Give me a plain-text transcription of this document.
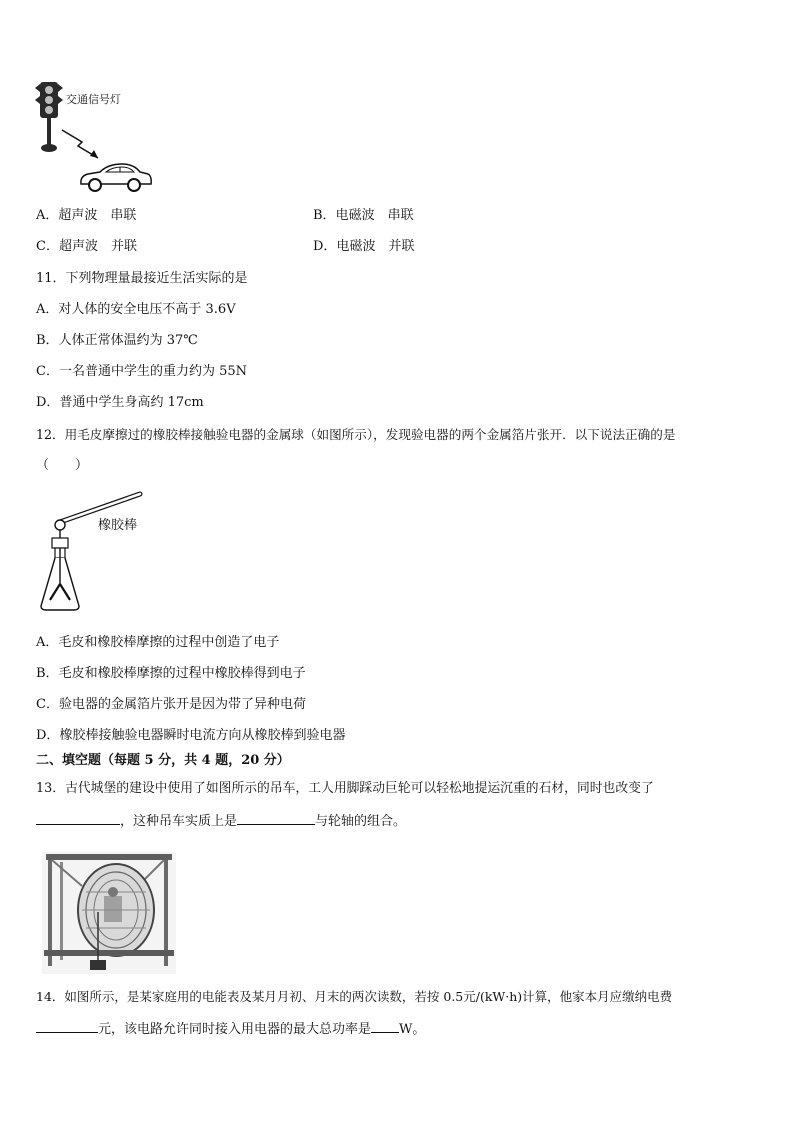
交通信号灯
A．超声波　串联	B．电磁波　串联
C．超声波　并联	D．电磁波　并联
11．下列物理量最接近生活实际的是
A．对人体的安全电压不高于 3.6V
B．人体正常体温约为 37℃
C．一名普通中学生的重力约为 55N
D．普通中学生身高约 17cm
12．用毛皮摩擦过的橡胶棒接触验电器的金属球（如图所示），发现验电器的两个金属箔片张开．以下说法正确的是
（　　）
橡胶棒
A．毛皮和橡胶棒摩擦的过程中创造了电子
B．毛皮和橡胶棒摩擦的过程中橡胶棒得到电子
C．验电器的金属箔片张开是因为带了异种电荷
D．橡胶棒接触验电器瞬时电流方向从橡胶棒到验电器
二、填空题（每题 5 分，共 4 题，20 分）
13．古代城堡的建设中使用了如图所示的吊车，工人用脚踩动巨轮可以轻松地提运沉重的石材，同时也改变了
，这种吊车实质上是	与轮轴的组合。
14．如图所示，是某家庭用的电能表及某月月初、月末的两次读数，若按 0.5元/(kW·h)计算，他家本月应缴纳电费
元，该电路允许同时接入用电器的最大总功率是 W。
